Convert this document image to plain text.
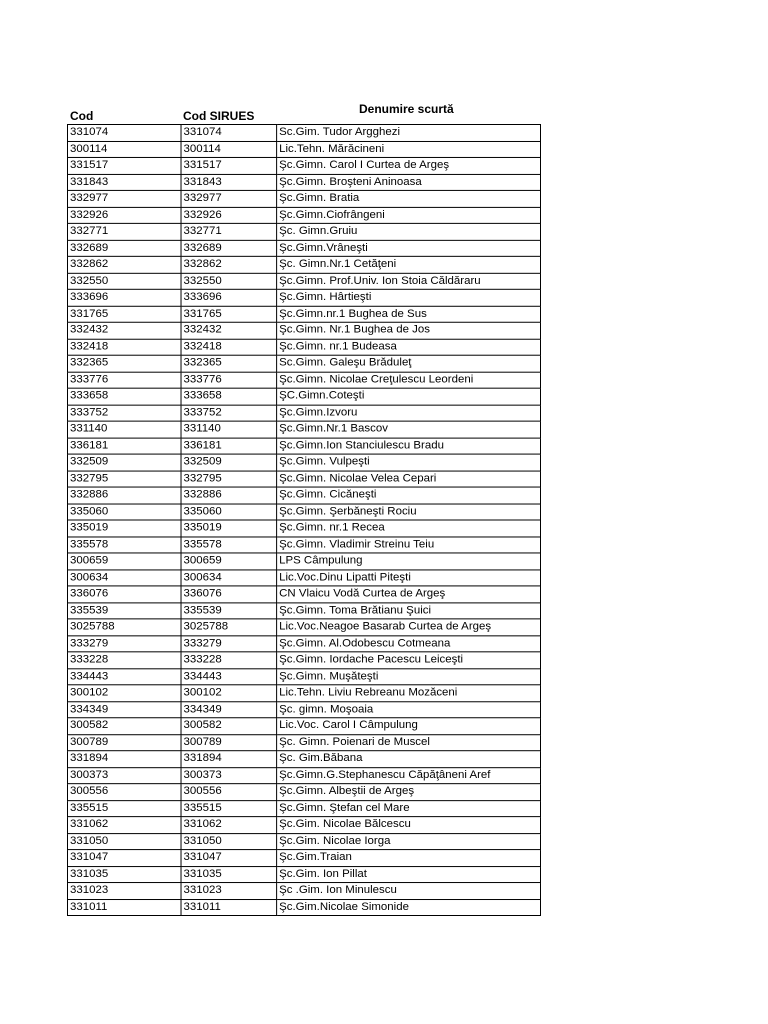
Cod	Cod SIRUES	Denumire scurtă
331074	331074	Sc.Gim. Tudor Argghezi
300114	300114	Lic.Tehn. Mărăcineni
331517	331517	Şc.Gimn. Carol I Curtea de Argeş
331843	331843	Şc.Gimn. Broşteni Aninoasa
332977	332977	Şc.Gimn. Bratia
332926	332926	Şc.Gimn.Ciofrângeni
332771	332771	Şc. Gimn.Gruiu
332689	332689	Şc.Gimn.Vrâneşti
332862	332862	Şc. Gimn.Nr.1 Cetăţeni
332550	332550	Şc.Gimn. Prof.Univ. Ion Stoia Căldăraru
333696	333696	Şc.Gimn. Hârtieşti
331765	331765	Şc.Gimn.nr.1 Bughea de Sus
332432	332432	Şc.Gimn. Nr.1 Bughea de Jos
332418	332418	Şc.Gimn. nr.1 Budeasa
332365	332365	Sc.Gimn. Galeşu Brăduleţ
333776	333776	Şc.Gimn. Nicolae Creţulescu Leordeni
333658	333658	ŞC.Gimn.Coteşti
333752	333752	Şc.Gimn.Izvoru
331140	331140	Şc.Gimn.Nr.1 Bascov
336181	336181	Şc.Gimn.Ion Stanciulescu Bradu
332509	332509	Şc.Gimn. Vulpeşti
332795	332795	Şc.Gimn. Nicolae Velea Cepari
332886	332886	Şc.Gimn. Cicăneşti
335060	335060	Şc.Gimn. Şerbăneşti Rociu
335019	335019	Şc.Gimn. nr.1 Recea
335578	335578	Şc.Gimn. Vladimir Streinu Teiu
300659	300659	LPS Câmpulung
300634	300634	Lic.Voc.Dinu Lipatti Piteşti
336076	336076	CN Vlaicu Vodă Curtea de Argeş
335539	335539	Şc.Gimn. Toma Brătianu Şuici
3025788	3025788	Lic.Voc.Neagoe Basarab Curtea de Argeş
333279	333279	Şc.Gimn. Al.Odobescu Cotmeana
333228	333228	Şc.Gimn. Iordache Pacescu Leiceşti
334443	334443	Şc.Gimn. Muşăteşti
300102	300102	Lic.Tehn. Liviu Rebreanu Mozăceni
334349	334349	Şc. gimn. Moşoaia
300582	300582	Lic.Voc. Carol I Câmpulung
300789	300789	Şc. Gimn. Poienari de Muscel
331894	331894	Şc. Gim.Băbana
300373	300373	Şc.Gimn.G.Stephanescu Căpăţâneni Aref
300556	300556	Şc.Gimn. Albeştii de Argeş
335515	335515	Şc.Gimn. Ştefan cel Mare
331062	331062	Şc.Gim. Nicolae Bălcescu
331050	331050	Şc.Gim. Nicolae Iorga
331047	331047	Şc.Gim.Traian
331035	331035	Şc.Gim. Ion Pillat
331023	331023	Şc .Gim. Ion Minulescu
331011	331011	Şc.Gim.Nicolae Simonide
